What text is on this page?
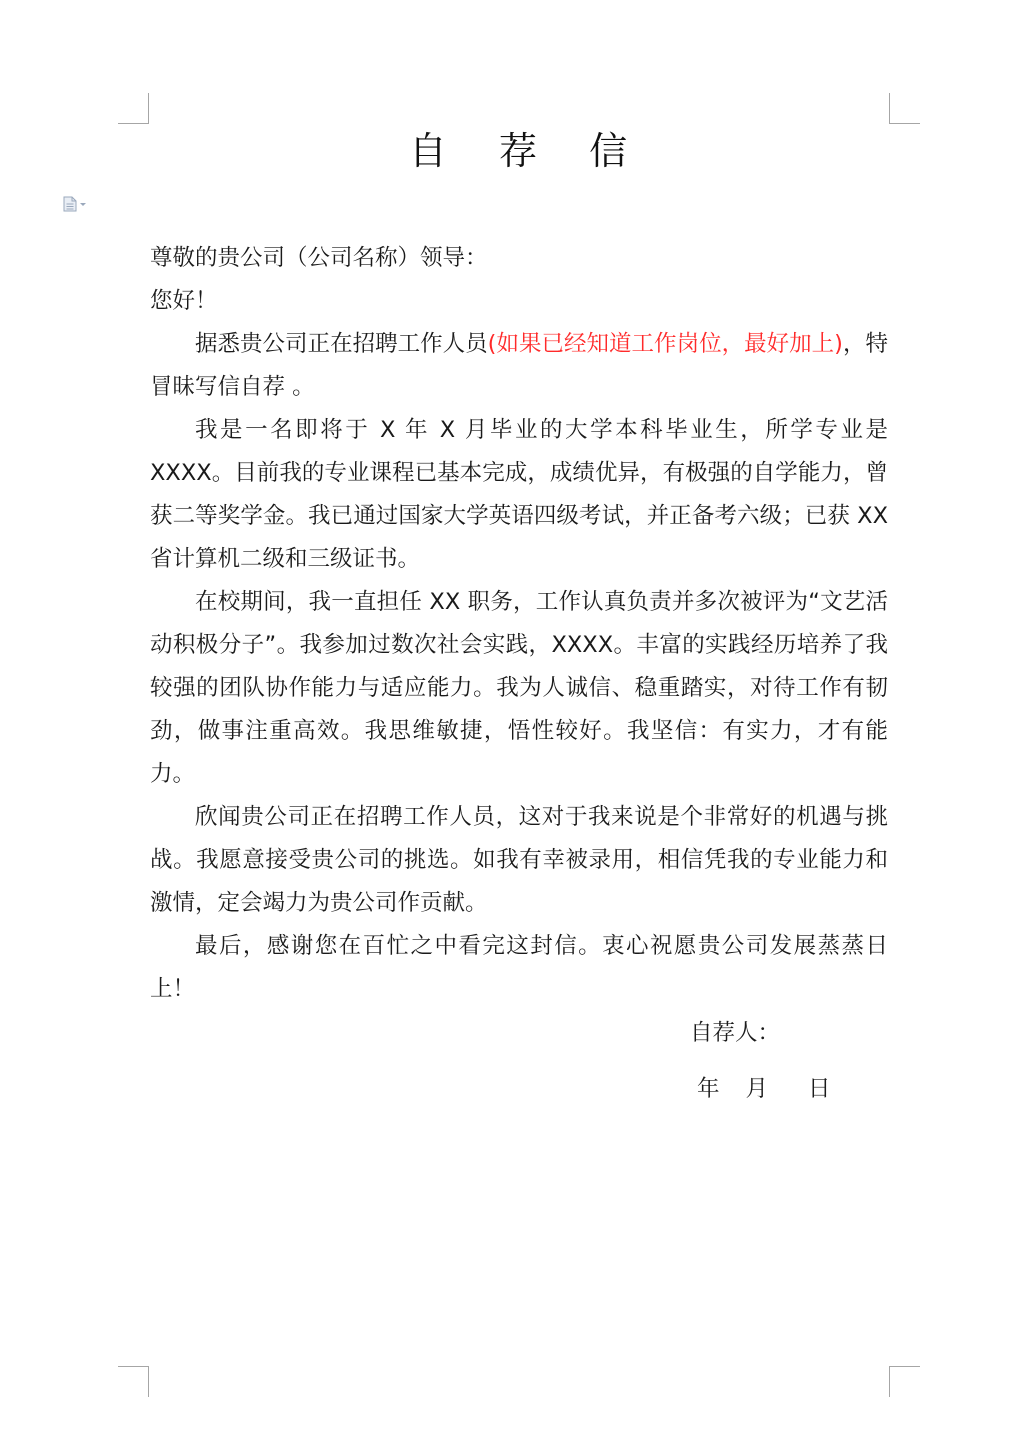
自 荐 信

尊敬的贵公司（公司名称）领导：

您好！

据悉贵公司正在招聘工作人员(如果已经知道工作岗位，最好加上)，特冒昧写信自荐 。

我是一名即将于 X 年 X 月毕业的大学本科毕业生，所学专业是 XXXX。目前我的专业课程已基本完成，成绩优异，有极强的自学能力，曾获二等奖学金。我已通过国家大学英语四级考试，并正备考六级；已获 XX 省计算机二级和三级证书。

在校期间，我一直担任 XX 职务，工作认真负责并多次被评为“文艺活动积极分子”。我参加过数次社会实践，XXXX。丰富的实践经历培养了我较强的团队协作能力与适应能力。我为人诚信、稳重踏实，对待工作有韧劲，做事注重高效。我思维敏捷，悟性较好。我坚信：有实力，才有能力。

欣闻贵公司正在招聘工作人员，这对于我来说是个非常好的机遇与挑战。我愿意接受贵公司的挑选。如我有幸被录用，相信凭我的专业能力和激情，定会竭力为贵公司作贡献。

最后，感谢您在百忙之中看完这封信。衷心祝愿贵公司发展蒸蒸日上！

自荐人：
年 月 日
